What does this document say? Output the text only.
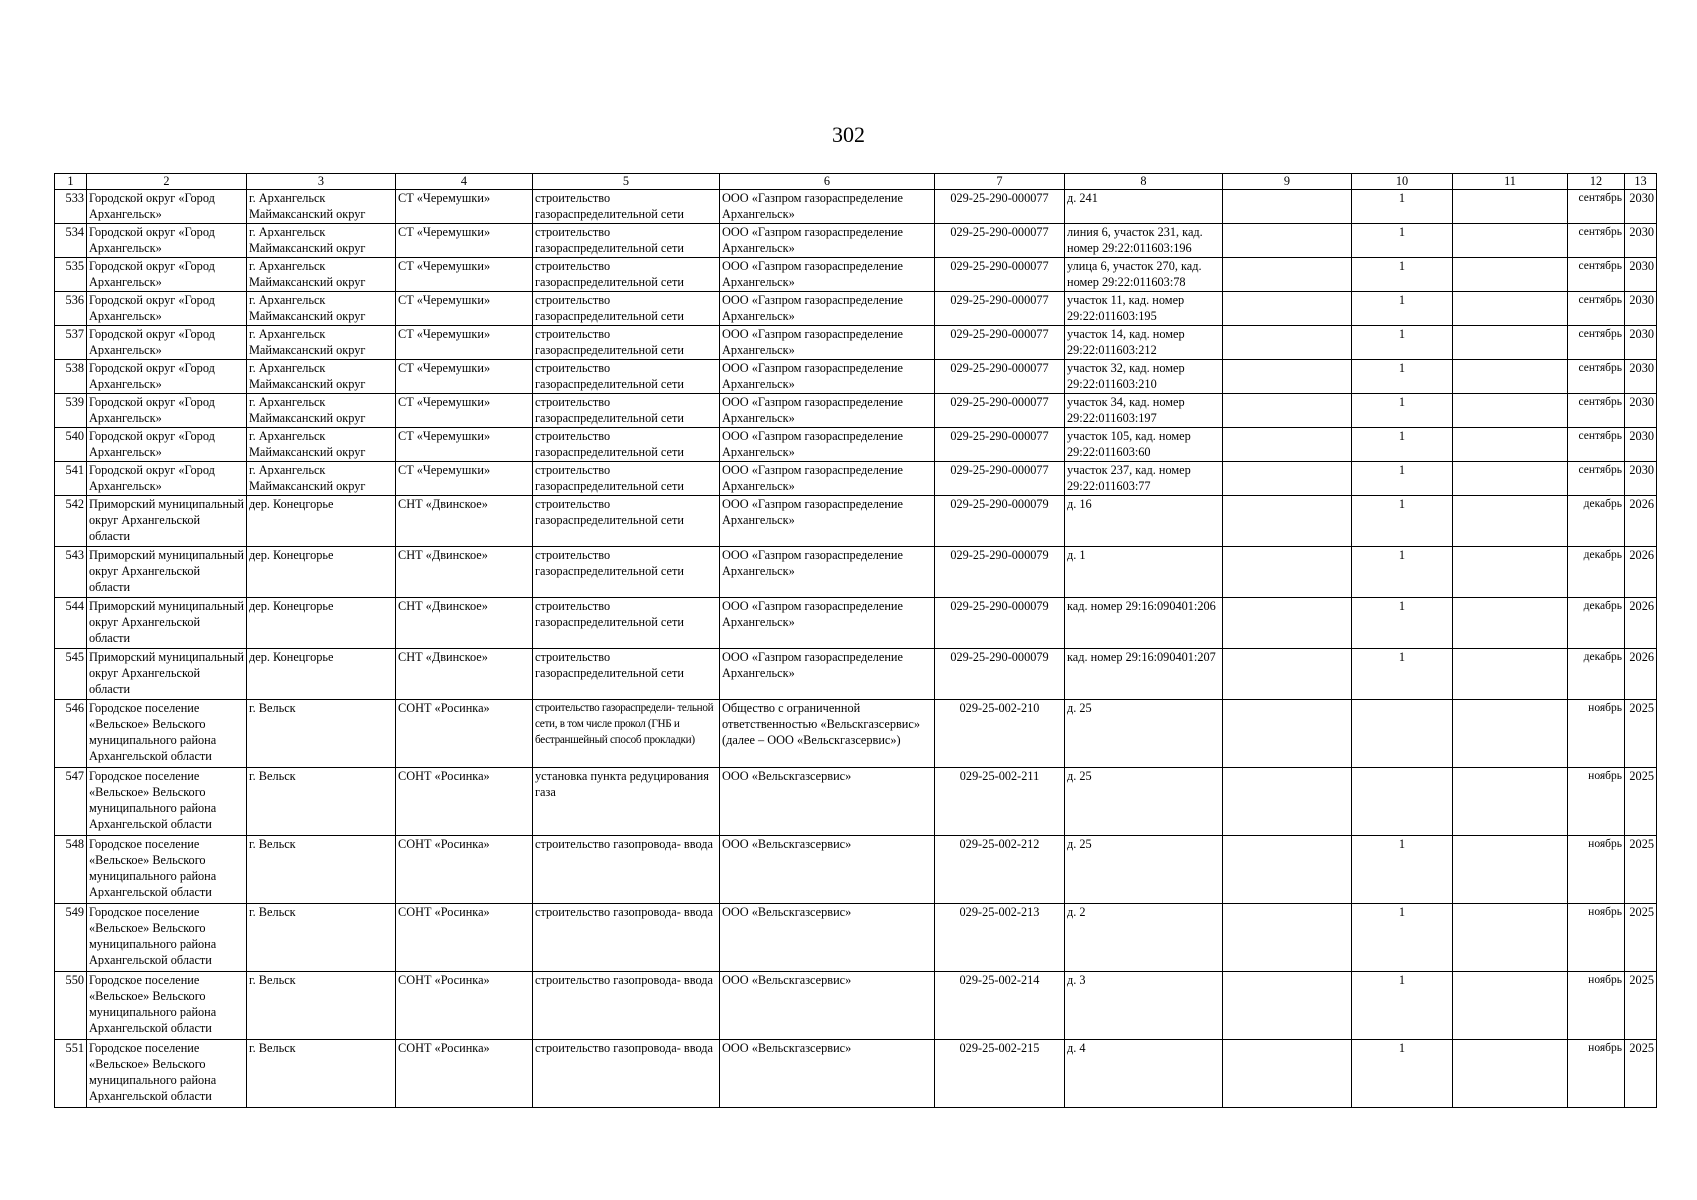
302
1	2	3	4	5	6	7	8	9	10	11	12	13
533	Городской округ «Город Архангельск»	г. Архангельск Маймаксанский округ	СТ «Черемушки»	строительство газораспределительной сети	ООО «Газпром газораспределение Архангельск»	029-25-290-000077	д. 241		1		сентябрь	2030
534	Городской округ «Город Архангельск»	г. Архангельск Маймаксанский округ	СТ «Черемушки»	строительство газораспределительной сети	ООО «Газпром газораспределение Архангельск»	029-25-290-000077	линия 6, участок 231, кад. номер 29:22:011603:196		1		сентябрь	2030
535	Городской округ «Город Архангельск»	г. Архангельск Маймаксанский округ	СТ «Черемушки»	строительство газораспределительной сети	ООО «Газпром газораспределение Архангельск»	029-25-290-000077	улица 6, участок 270, кад. номер 29:22:011603:78		1		сентябрь	2030
536	Городской округ «Город Архангельск»	г. Архангельск Маймаксанский округ	СТ «Черемушки»	строительство газораспределительной сети	ООО «Газпром газораспределение Архангельск»	029-25-290-000077	участок 11, кад. номер 29:22:011603:195		1		сентябрь	2030
537	Городской округ «Город Архангельск»	г. Архангельск Маймаксанский округ	СТ «Черемушки»	строительство газораспределительной сети	ООО «Газпром газораспределение Архангельск»	029-25-290-000077	участок 14, кад. номер 29:22:011603:212		1		сентябрь	2030
538	Городской округ «Город Архангельск»	г. Архангельск Маймаксанский округ	СТ «Черемушки»	строительство газораспределительной сети	ООО «Газпром газораспределение Архангельск»	029-25-290-000077	участок 32, кад. номер 29:22:011603:210		1		сентябрь	2030
539	Городской округ «Город Архангельск»	г. Архангельск Маймаксанский округ	СТ «Черемушки»	строительство газораспределительной сети	ООО «Газпром газораспределение Архангельск»	029-25-290-000077	участок 34, кад. номер 29:22:011603:197		1		сентябрь	2030
540	Городской округ «Город Архангельск»	г. Архангельск Маймаксанский округ	СТ «Черемушки»	строительство газораспределительной сети	ООО «Газпром газораспределение Архангельск»	029-25-290-000077	участок 105, кад. номер 29:22:011603:60		1		сентябрь	2030
541	Городской округ «Город Архангельск»	г. Архангельск Маймаксанский округ	СТ «Черемушки»	строительство газораспределительной сети	ООО «Газпром газораспределение Архангельск»	029-25-290-000077	участок 237, кад. номер 29:22:011603:77		1		сентябрь	2030
542	Приморский муниципальный округ Архангельской области	дер. Конецгорье	СНТ «Двинское»	строительство газораспределительной сети	ООО «Газпром газораспределение Архангельск»	029-25-290-000079	д. 16		1		декабрь	2026
543	Приморский муниципальный округ Архангельской области	дер. Конецгорье	СНТ «Двинское»	строительство газораспределительной сети	ООО «Газпром газораспределение Архангельск»	029-25-290-000079	д. 1		1		декабрь	2026
544	Приморский муниципальный округ Архангельской области	дер. Конецгорье	СНТ «Двинское»	строительство газораспределительной сети	ООО «Газпром газораспределение Архангельск»	029-25-290-000079	кад. номер 29:16:090401:206		1		декабрь	2026
545	Приморский муниципальный округ Архангельской области	дер. Конецгорье	СНТ «Двинское»	строительство газораспределительной сети	ООО «Газпром газораспределение Архангельск»	029-25-290-000079	кад. номер 29:16:090401:207		1		декабрь	2026
546	Городское поселение «Вельское» Вельского муниципального района Архангельской области	г. Вельск	СОНТ «Росинка»	строительство газораспредели- тельной сети, в том числе прокол (ГНБ и бестраншейный способ прокладки)	Общество с ограниченной ответственностью «Вельскгазсервис» (далее – ООО «Вельскгазсервис»)	029-25-002-210	д. 25				ноябрь	2025
547	Городское поселение «Вельское» Вельского муниципального района Архангельской области	г. Вельск	СОНТ «Росинка»	установка пункта редуцирования газа	ООО «Вельскгазсервис»	029-25-002-211	д. 25				ноябрь	2025
548	Городское поселение «Вельское» Вельского муниципального района Архангельской области	г. Вельск	СОНТ «Росинка»	строительство газопровода- ввода	ООО «Вельскгазсервис»	029-25-002-212	д. 25		1		ноябрь	2025
549	Городское поселение «Вельское» Вельского муниципального района Архангельской области	г. Вельск	СОНТ «Росинка»	строительство газопровода- ввода	ООО «Вельскгазсервис»	029-25-002-213	д. 2		1		ноябрь	2025
550	Городское поселение «Вельское» Вельского муниципального района Архангельской области	г. Вельск	СОНТ «Росинка»	строительство газопровода- ввода	ООО «Вельскгазсервис»	029-25-002-214	д. 3		1		ноябрь	2025
551	Городское поселение «Вельское» Вельского муниципального района Архангельской области	г. Вельск	СОНТ «Росинка»	строительство газопровода- ввода	ООО «Вельскгазсервис»	029-25-002-215	д. 4		1		ноябрь	2025
